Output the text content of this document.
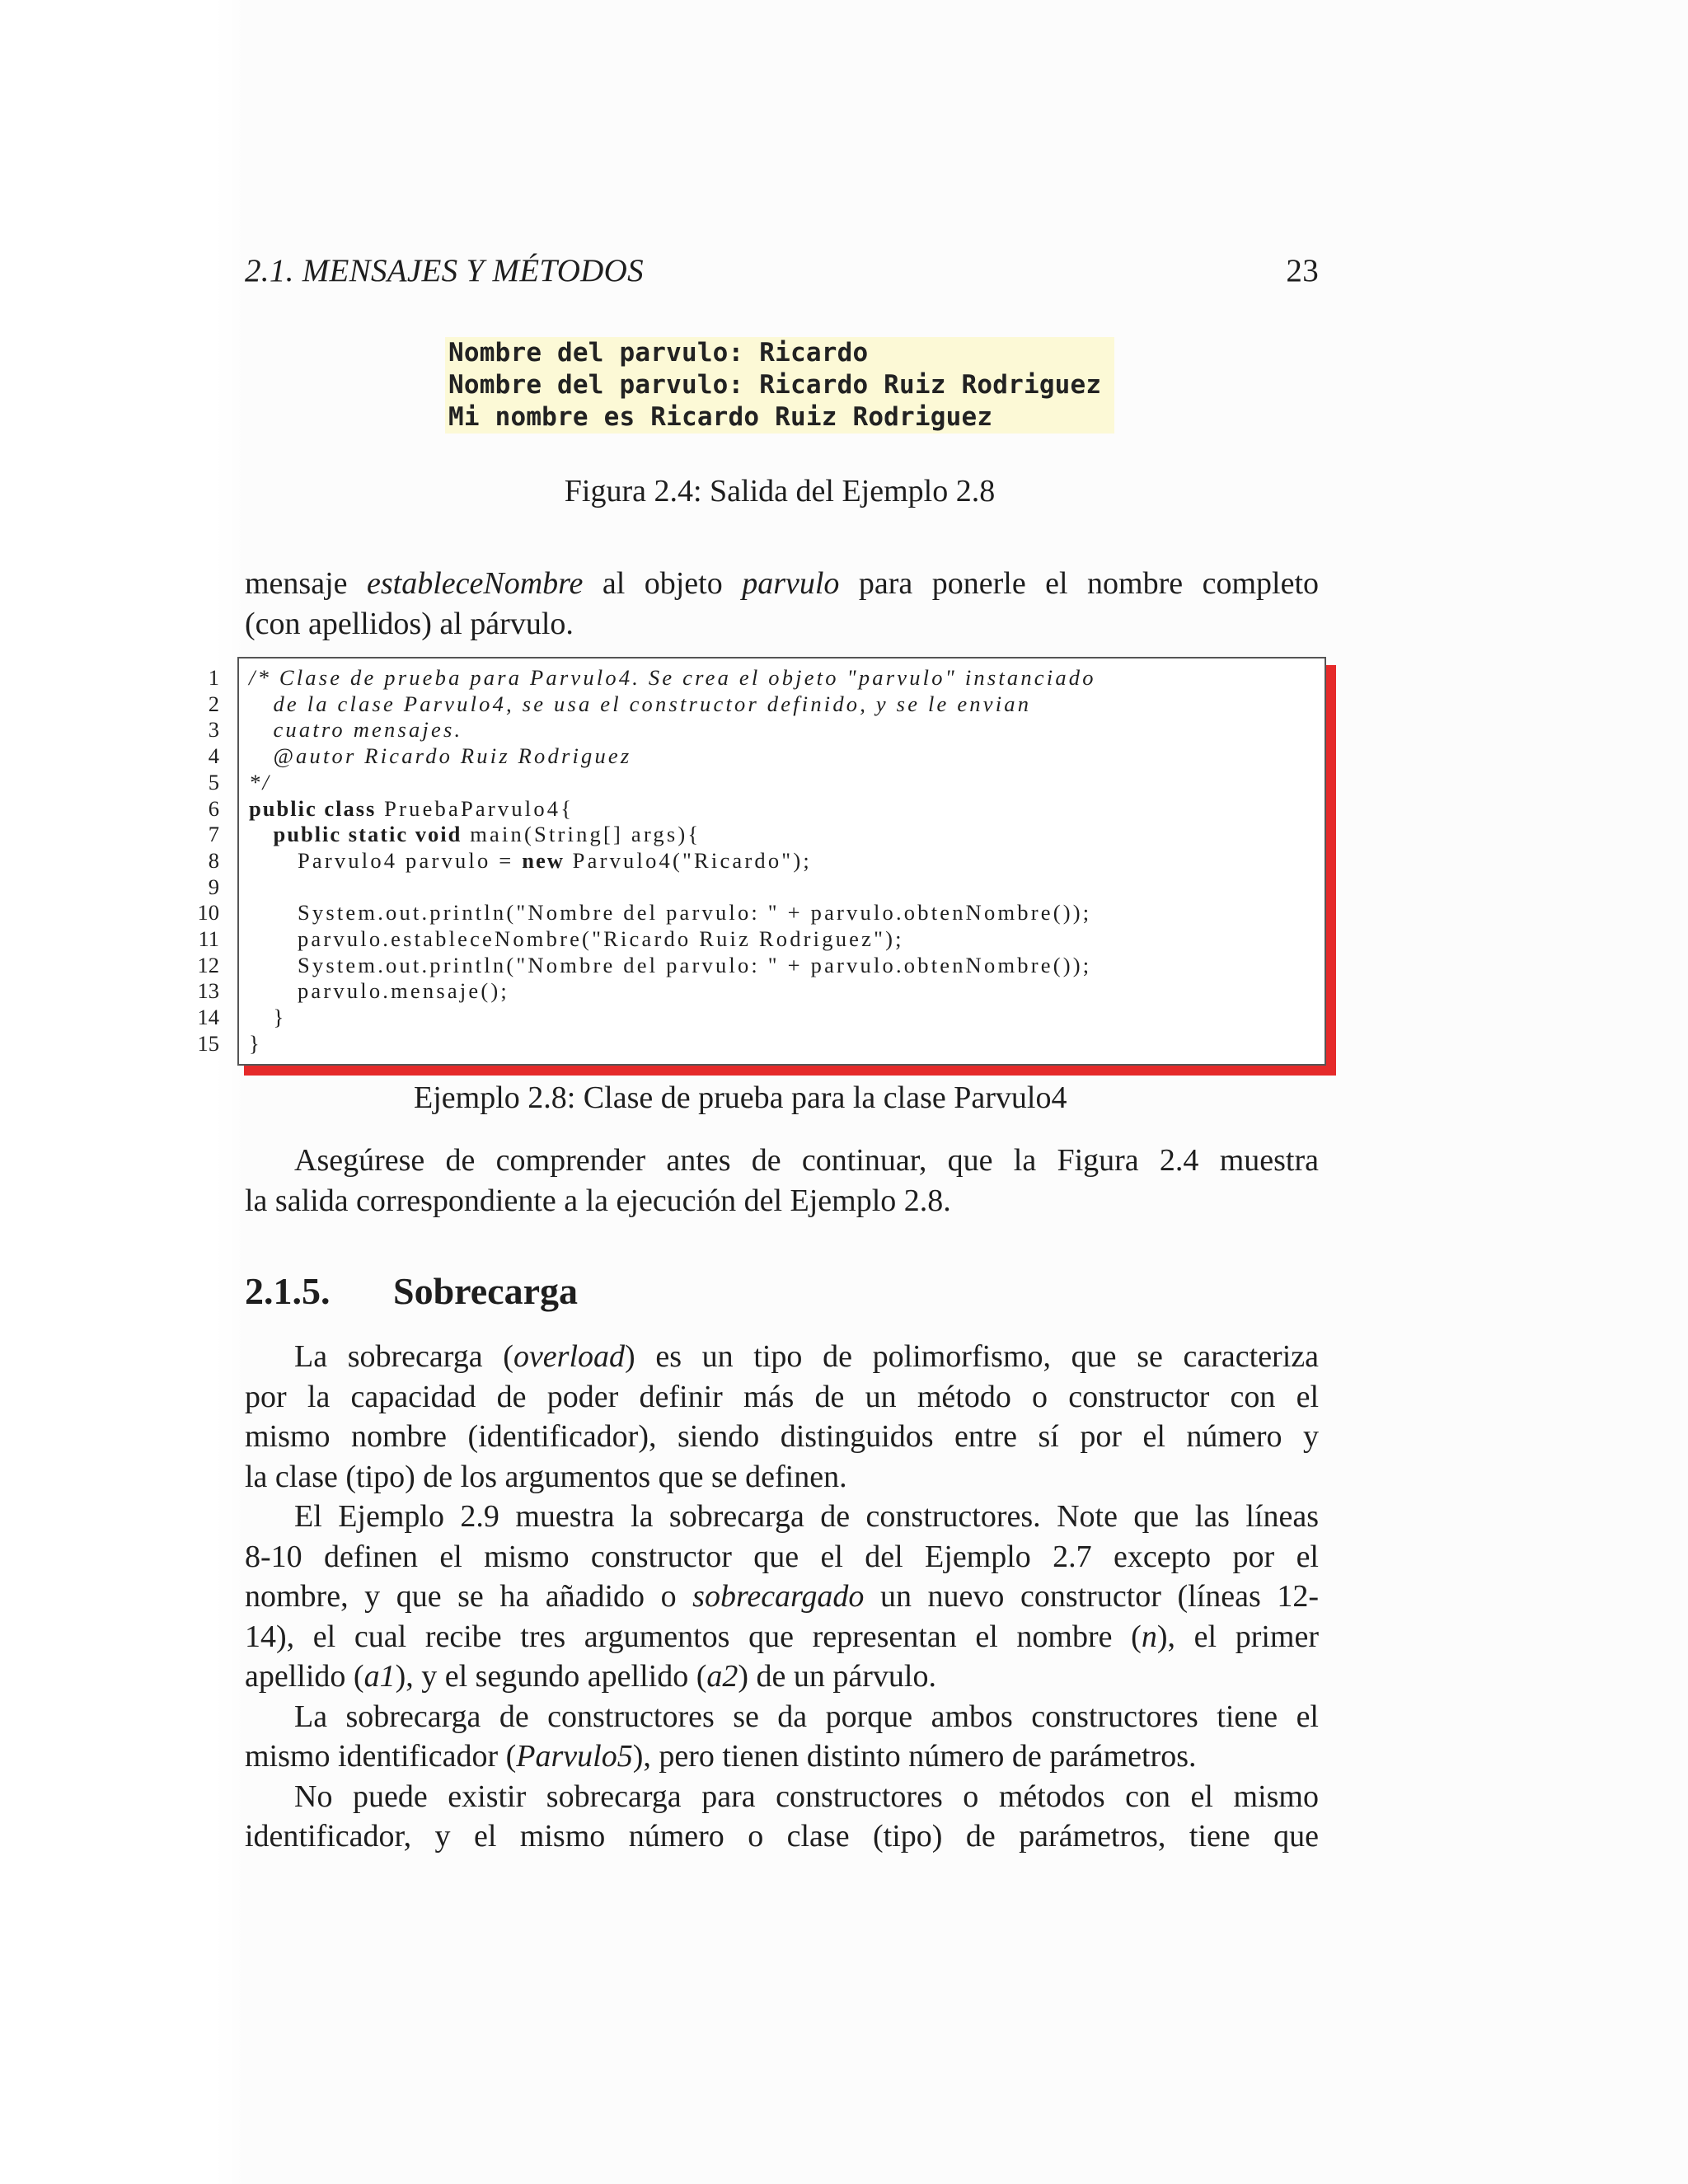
2.1. MENSAJES Y MÉTODOS	23
Nombre del parvulo: Ricardo
Nombre del parvulo: Ricardo Ruiz Rodriguez
Mi nombre es Ricardo Ruiz Rodriguez
Figura 2.4: Salida del Ejemplo 2.8
mensaje estableceNombre al objeto parvulo para ponerle el nombre completo
(con apellidos) al párvulo.
1
2
3
4
5
6
7
8
9
10
11
12
13
14
15
/* Clase de prueba para Parvulo4. Se crea el objeto "parvulo" instanciado
de la clase Parvulo4, se usa el constructor definido, y se le envian
cuatro mensajes.
@autor Ricardo Ruiz Rodriguez
*/
public class PruebaParvulo4{
public static void main(String[] args){
Parvulo4 parvulo = new Parvulo4("Ricardo");
System.out.println("Nombre del parvulo: " + parvulo.obtenNombre());
parvulo.estableceNombre("Ricardo Ruiz Rodriguez");
System.out.println("Nombre del parvulo: " + parvulo.obtenNombre());
parvulo.mensaje();
}
}
Ejemplo 2.8: Clase de prueba para la clase Parvulo4
Asegúrese de comprender antes de continuar, que la Figura 2.4 muestra
la salida correspondiente a la ejecución del Ejemplo 2.8.
2.1.5. Sobrecarga
La sobrecarga (overload) es un tipo de polimorfismo, que se caracteriza
por la capacidad de poder definir más de un método o constructor con el
mismo nombre (identificador), siendo distinguidos entre sí por el número y
la clase (tipo) de los argumentos que se definen.
El Ejemplo 2.9 muestra la sobrecarga de constructores. Note que las líneas
8-10 definen el mismo constructor que el del Ejemplo 2.7 excepto por el
nombre, y que se ha añadido o sobrecargado un nuevo constructor (líneas 12-
14), el cual recibe tres argumentos que representan el nombre (n), el primer
apellido (a1), y el segundo apellido (a2) de un párvulo.
La sobrecarga de constructores se da porque ambos constructores tiene el
mismo identificador (Parvulo5), pero tienen distinto número de parámetros.
No puede existir sobrecarga para constructores o métodos con el mismo
identificador, y el mismo número o clase (tipo) de parámetros, tiene que
